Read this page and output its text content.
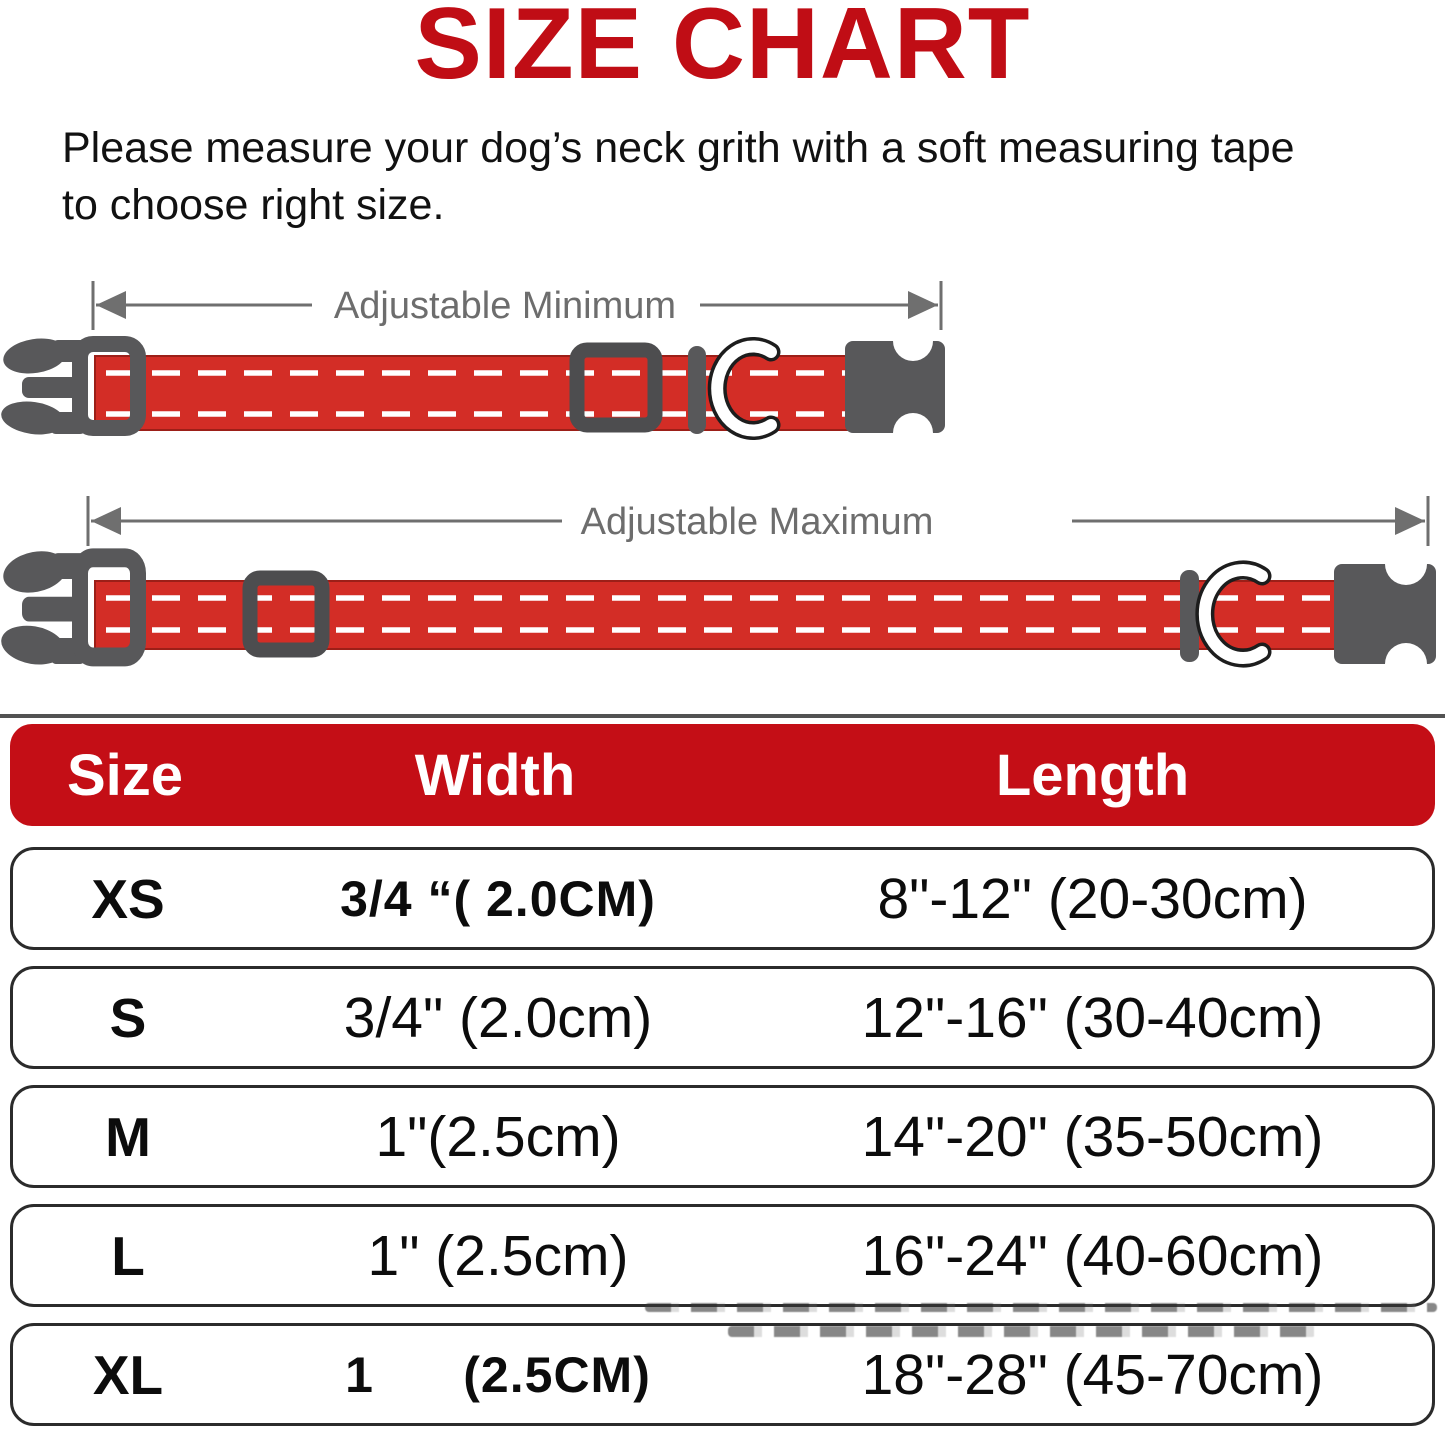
SIZE CHART
Please measure your dog’s neck grith with a soft measuring tape
to choose right size.
Adjustable Minimum
Adjustable Maximum
Size	Width	Length
XS	3/4 “( 2.0CM)	8"-12" (20-30cm)
S	3/4" (2.0cm)	12"-16" (30-40cm)
M	1"(2.5cm)	14"-20" (35-50cm)
L	1" (2.5cm)	16"-24" (40-60cm)
XL	1      (2.5CM)	18"-28" (45-70cm)
